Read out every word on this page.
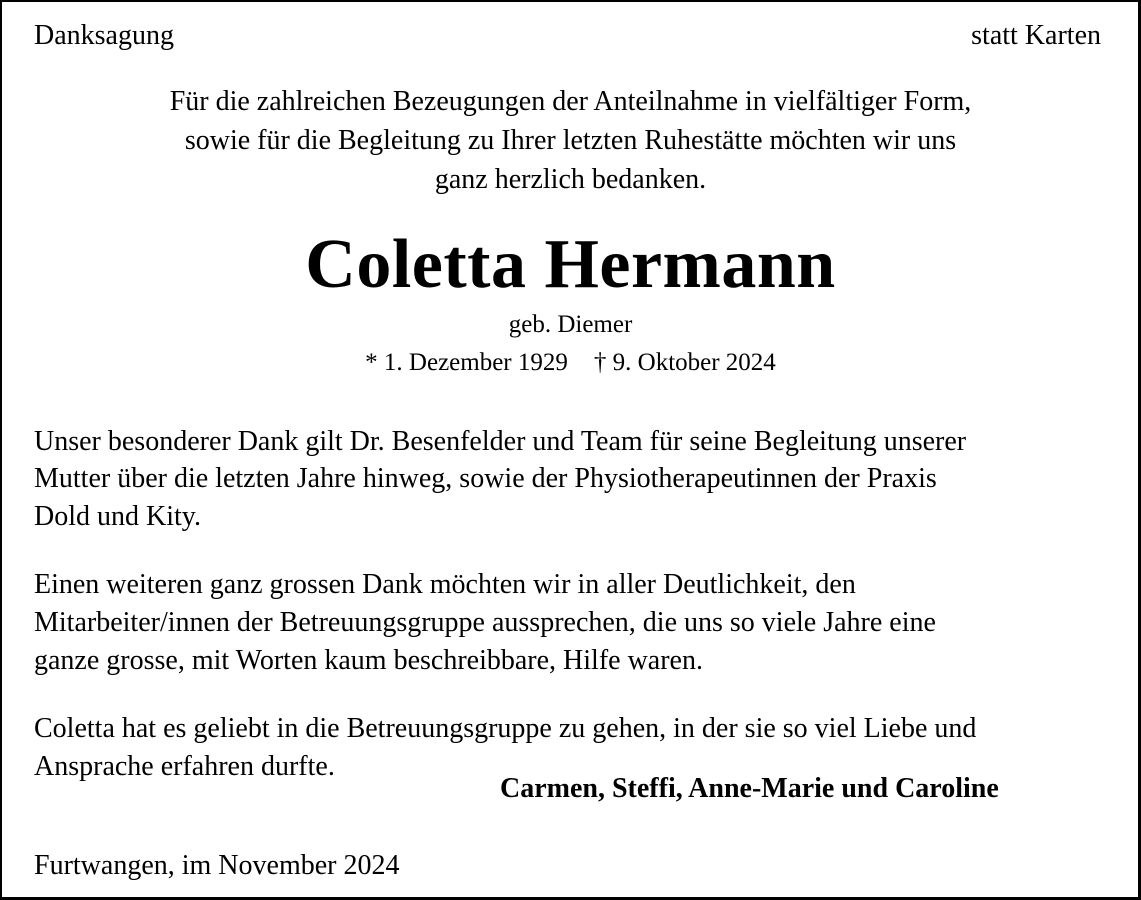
Danksagung	statt Karten
Für die zahlreichen Bezeugungen der Anteilnahme in vielfältiger Form,
sowie für die Begleitung zu Ihrer letzten Ruhestätte möchten wir uns
ganz herzlich bedanken.
Coletta Hermann
geb. Diemer
* 1. Dezember 1929 † 9. Oktober 2024
Unser besonderer Dank gilt Dr. Besenfelder und Team für seine Begleitung unserer
Mutter über die letzten Jahre hinweg, sowie der Physiotherapeutinnen der Praxis
Dold und Kity.
Einen weiteren ganz grossen Dank möchten wir in aller Deutlichkeit, den
Mitarbeiter/innen der Betreuungsgruppe aussprechen, die uns so viele Jahre eine
ganze grosse, mit Worten kaum beschreibbare, Hilfe waren.
Coletta hat es geliebt in die Betreuungsgruppe zu gehen, in der sie so viel Liebe und
Ansprache erfahren durfte.
Carmen, Steffi, Anne-Marie und Caroline
Furtwangen, im November 2024
